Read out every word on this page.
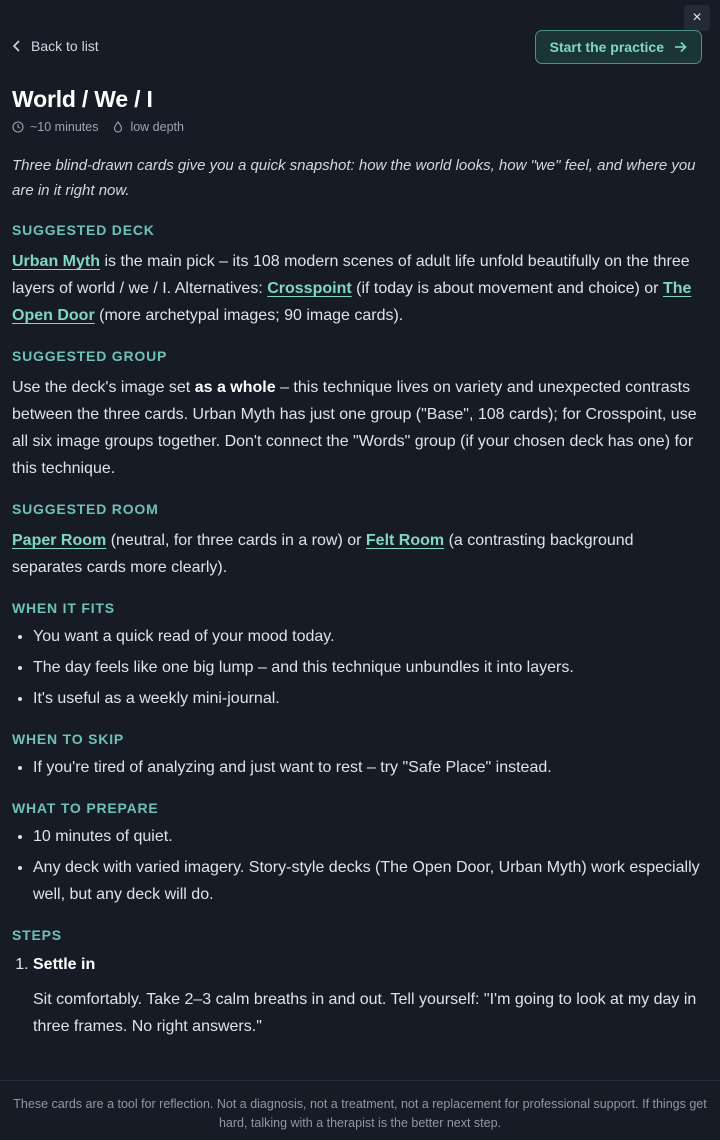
×
Back to list	Start the practice
World / We / I
~10 minutes	low depth
Three blind-drawn cards give you a quick snapshot: how the world looks, how "we" feel, and where you are in it right now.
SUGGESTED DECK
Urban Myth is the main pick – its 108 modern scenes of adult life unfold beautifully on the three layers of world / we / I. Alternatives: Crosspoint (if today is about movement and choice) or The Open Door (more archetypal images; 90 image cards).
SUGGESTED GROUP
Use the deck's image set as a whole – this technique lives on variety and unexpected contrasts between the three cards. Urban Myth has just one group ("Base", 108 cards); for Crosspoint, use all six image groups together. Don't connect the "Words" group (if your chosen deck has one) for this technique.
SUGGESTED ROOM
Paper Room (neutral, for three cards in a row) or Felt Room (a contrasting background separates cards more clearly).
WHEN IT FITS
• You want a quick read of your mood today.
• The day feels like one big lump – and this technique unbundles it into layers.
• It's useful as a weekly mini-journal.
WHEN TO SKIP
• If you're tired of analyzing and just want to rest – try "Safe Place" instead.
WHAT TO PREPARE
• 10 minutes of quiet.
• Any deck with varied imagery. Story-style decks (The Open Door, Urban Myth) work especially well, but any deck will do.
STEPS
1. Settle in
Sit comfortably. Take 2–3 calm breaths in and out. Tell yourself: "I'm going to look at my day in three frames. No right answers."
These cards are a tool for reflection. Not a diagnosis, not a treatment, not a replacement for professional support. If things get hard, talking with a therapist is the better next step.
